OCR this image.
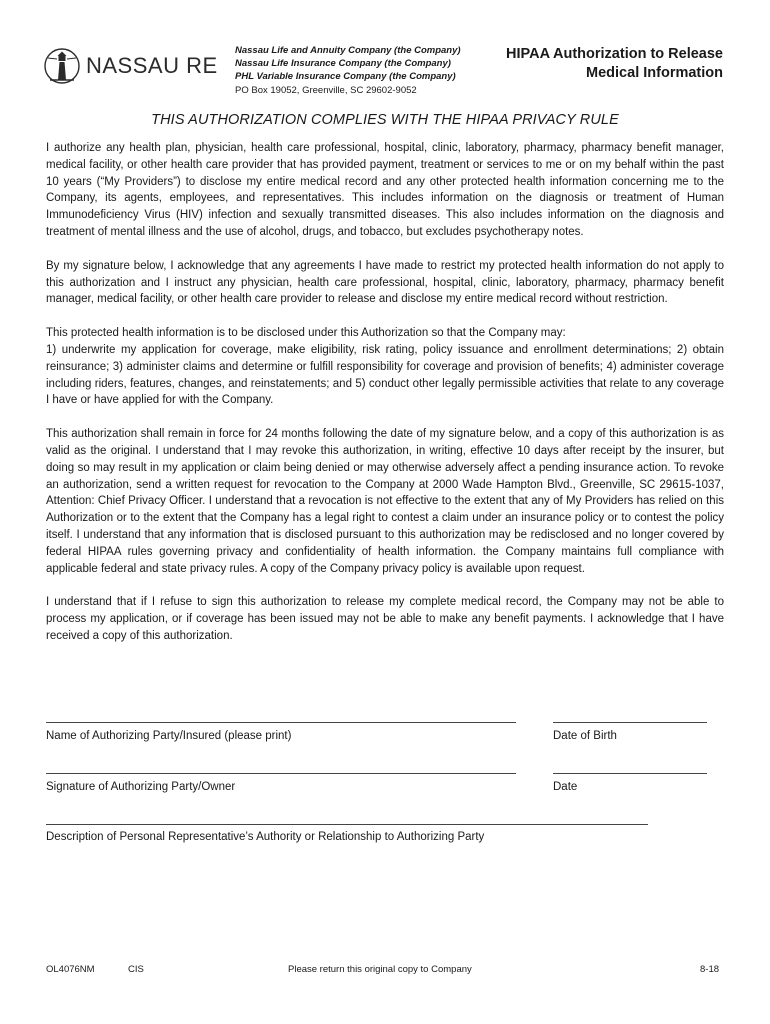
NASSAU RE
Nassau Life and Annuity Company (the Company)
Nassau Life Insurance Company (the Company)
PHL Variable Insurance Company (the Company)
PO Box 19052, Greenville, SC 29602-9052
HIPAA Authorization to Release
Medical Information
THIS AUTHORIZATION COMPLIES WITH THE HIPAA PRIVACY RULE

I authorize any health plan, physician, health care professional, hospital, clinic, laboratory, pharmacy, pharmacy benefit manager, medical facility, or other health care provider that has provided payment, treatment or services to me or on my behalf within the past 10 years (“My Providers”) to disclose my entire medical record and any other protected health information concerning me to the Company, its agents, employees, and representatives. This includes information on the diagnosis or treatment of Human Immunodeficiency Virus (HIV) infection and sexually transmitted diseases. This also includes information on the diagnosis and treatment of mental illness and the use of alcohol, drugs, and tobacco, but excludes psychotherapy notes.

By my signature below, I acknowledge that any agreements I have made to restrict my protected health information do not apply to this authorization and I instruct any physician, health care professional, hospital, clinic, laboratory, pharmacy, pharmacy benefit manager, medical facility, or other health care provider to release and disclose my entire medical record without restriction.

This protected health information is to be disclosed under this Authorization so that the Company may:
1) underwrite my application for coverage, make eligibility, risk rating, policy issuance and enrollment determinations; 2) obtain reinsurance; 3) administer claims and determine or fulfill responsibility for coverage and provision of benefits; 4) administer coverage including riders, features, changes, and reinstatements; and 5) conduct other legally permissible activities that relate to any coverage I have or have applied for with the Company.

This authorization shall remain in force for 24 months following the date of my signature below, and a copy of this authorization is as valid as the original. I understand that I may revoke this authorization, in writing, effective 10 days after receipt by the insurer, but doing so may result in my application or claim being denied or may otherwise adversely affect a pending insurance action. To revoke an authorization, send a written request for revocation to the Company at 2000 Wade Hampton Blvd., Greenville, SC 29615-1037, Attention: Chief Privacy Officer. I understand that a revocation is not effective to the extent that any of My Providers has relied on this Authorization or to the extent that the Company has a legal right to contest a claim under an insurance policy or to contest the policy itself. I understand that any information that is disclosed pursuant to this authorization may be redisclosed and no longer covered by federal HIPAA rules governing privacy and confidentiality of health information. the Company maintains full compliance with applicable federal and state privacy rules. A copy of the Company privacy policy is available upon request.

I understand that if I refuse to sign this authorization to release my complete medical record, the Company may not be able to process my application, or if coverage has been issued may not be able to make any benefit payments. I acknowledge that I have received a copy of this authorization.

Name of Authorizing Party/Insured (please print)	Date of Birth
Signature of Authorizing Party/Owner	Date
Description of Personal Representative’s Authority or Relationship to Authorizing Party
OL4076NM	CIS	Please return this original copy to Company	8-18
